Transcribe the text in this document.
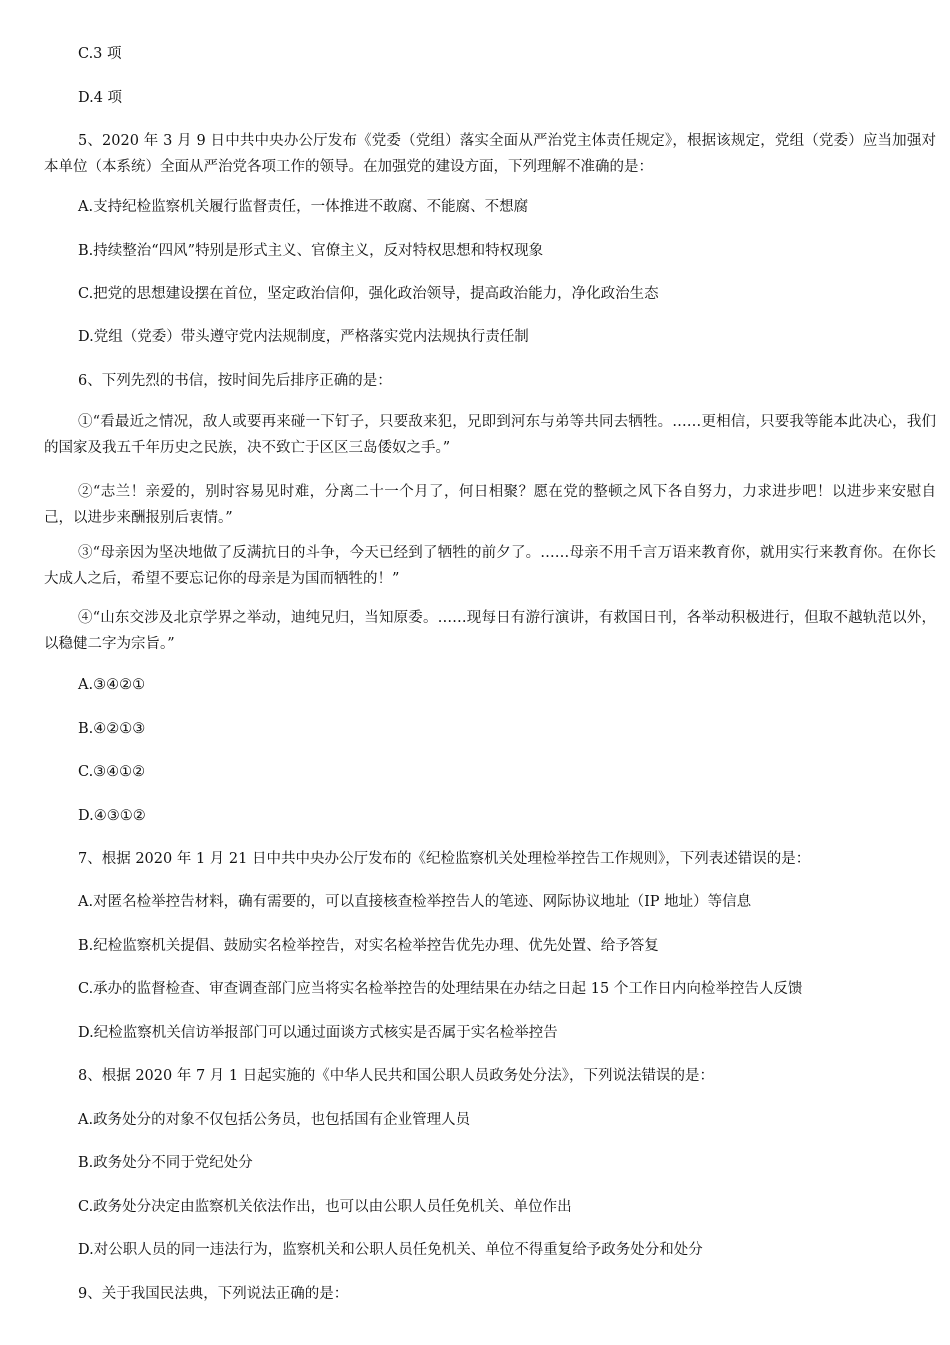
C.3 项
D.4 项
5、2020 年 3 月 9 日中共中央办公厅发布《党委（党组）落实全面从严治党主体责任规定》，根据该规定，党组（党委）应当加强对本单位（本系统）全面从严治党各项工作的领导。在加强党的建设方面，下列理解不准确的是：
A.支持纪检监察机关履行监督责任，一体推进不敢腐、不能腐、不想腐
B.持续整治“四风”特别是形式主义、官僚主义，反对特权思想和特权现象
C.把党的思想建设摆在首位，坚定政治信仰，强化政治领导，提高政治能力，净化政治生态
D.党组（党委）带头遵守党内法规制度，严格落实党内法规执行责任制
6、下列先烈的书信，按时间先后排序正确的是：
①“看最近之情况，敌人或要再来碰一下钉子，只要敌来犯，兄即到河东与弟等共同去牺牲。……更相信，只要我等能本此决心，我们的国家及我五千年历史之民族，决不致亡于区区三岛倭奴之手。”
②“志兰！亲爱的，别时容易见时难，分离二十一个月了，何日相聚？愿在党的整顿之风下各自努力，力求进步吧！以进步来安慰自己，以进步来酬报别后衷情。”
③“母亲因为坚决地做了反满抗日的斗争，今天已经到了牺牲的前夕了。……母亲不用千言万语来教育你，就用实行来教育你。在你长大成人之后，希望不要忘记你的母亲是为国而牺牲的！”
④“山东交涉及北京学界之举动，迪纯兄归，当知原委。……现每日有游行演讲，有救国日刊，各举动积极进行，但取不越轨范以外，以稳健二字为宗旨。”
A.③④②①
B.④②①③
C.③④①②
D.④③①②
7、根据 2020 年 1 月 21 日中共中央办公厅发布的《纪检监察机关处理检举控告工作规则》，下列表述错误的是：
A.对匿名检举控告材料，确有需要的，可以直接核查检举控告人的笔迹、网际协议地址（IP 地址）等信息
B.纪检监察机关提倡、鼓励实名检举控告，对实名检举控告优先办理、优先处置、给予答复
C.承办的监督检查、审查调查部门应当将实名检举控告的处理结果在办结之日起 15 个工作日内向检举控告人反馈
D.纪检监察机关信访举报部门可以通过面谈方式核实是否属于实名检举控告
8、根据 2020 年 7 月 1 日起实施的《中华人民共和国公职人员政务处分法》，下列说法错误的是：
A.政务处分的对象不仅包括公务员，也包括国有企业管理人员
B.政务处分不同于党纪处分
C.政务处分决定由监察机关依法作出，也可以由公职人员任免机关、单位作出
D.对公职人员的同一违法行为，监察机关和公职人员任免机关、单位不得重复给予政务处分和处分
9、关于我国民法典，下列说法正确的是：
